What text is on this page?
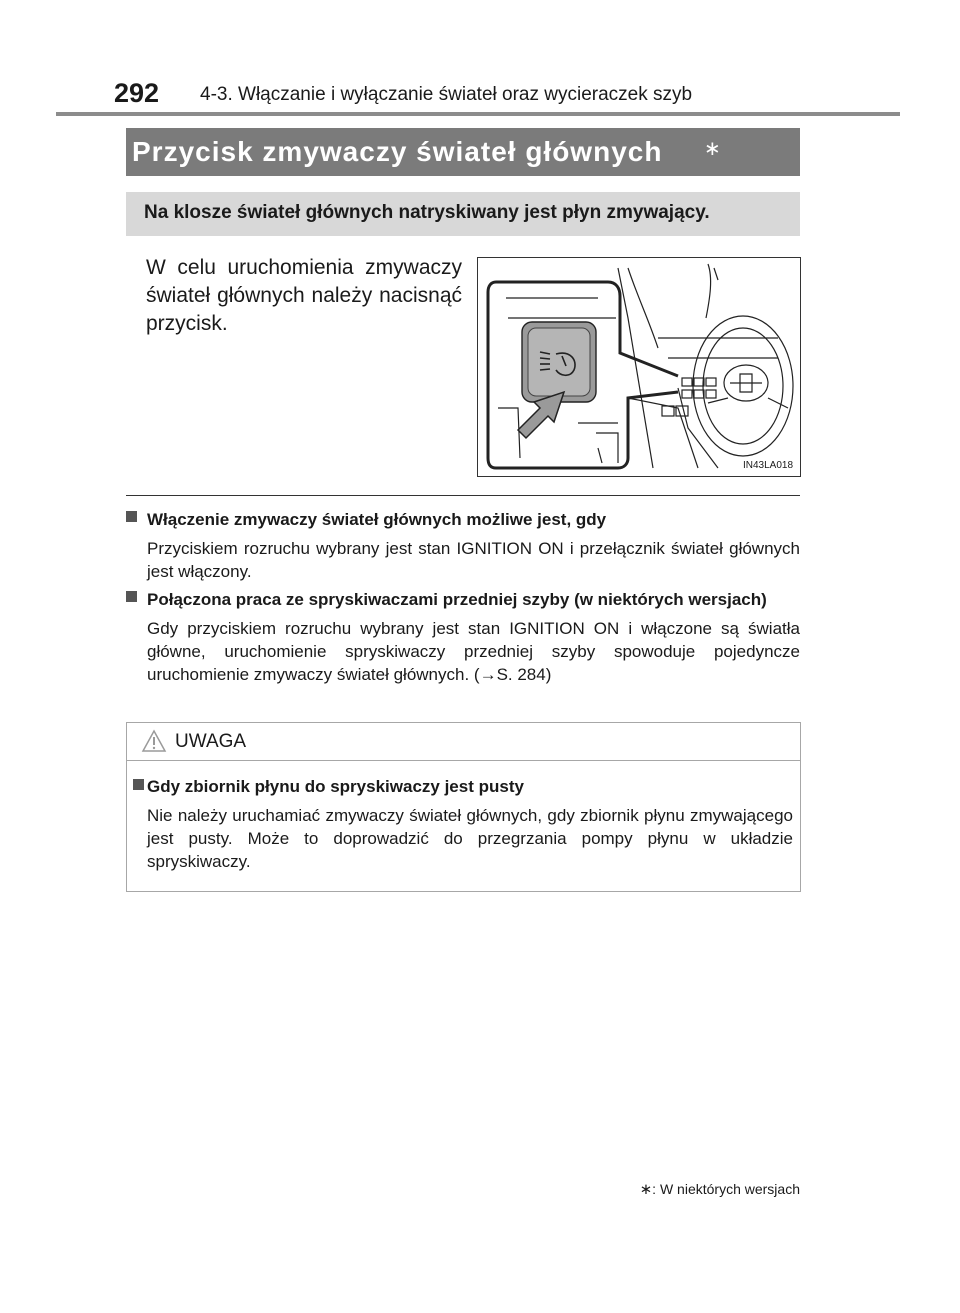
292 4-3. Włączanie i wyłączanie świateł oraz wycieraczek szyb
Przycisk zmywaczy świateł głównych ∗
Na klosze świateł głównych natryskiwany jest płyn zmywający.
W celu uruchomienia zmywaczy świateł głównych należy nacisnąć przycisk.
IN43LA018
Włączenie zmywaczy świateł głównych możliwe jest, gdy
Przyciskiem rozruchu wybrany jest stan IGNITION ON i przełącznik świateł głównych jest włączony.
Połączona praca ze spryskiwaczami przedniej szyby (w niektórych wersjach)
Gdy przyciskiem rozruchu wybrany jest stan IGNITION ON i włączone są światła główne, uruchomienie spryskiwaczy przedniej szyby spowoduje pojedyncze uruchomienie zmywaczy świateł głównych. (→S. 284)
UWAGA
Gdy zbiornik płynu do spryskiwaczy jest pusty
Nie należy uruchamiać zmywaczy świateł głównych, gdy zbiornik płynu zmywającego jest pusty. Może to doprowadzić do przegrzania pompy płynu w układzie spryskiwaczy.
∗: W niektórych wersjach
